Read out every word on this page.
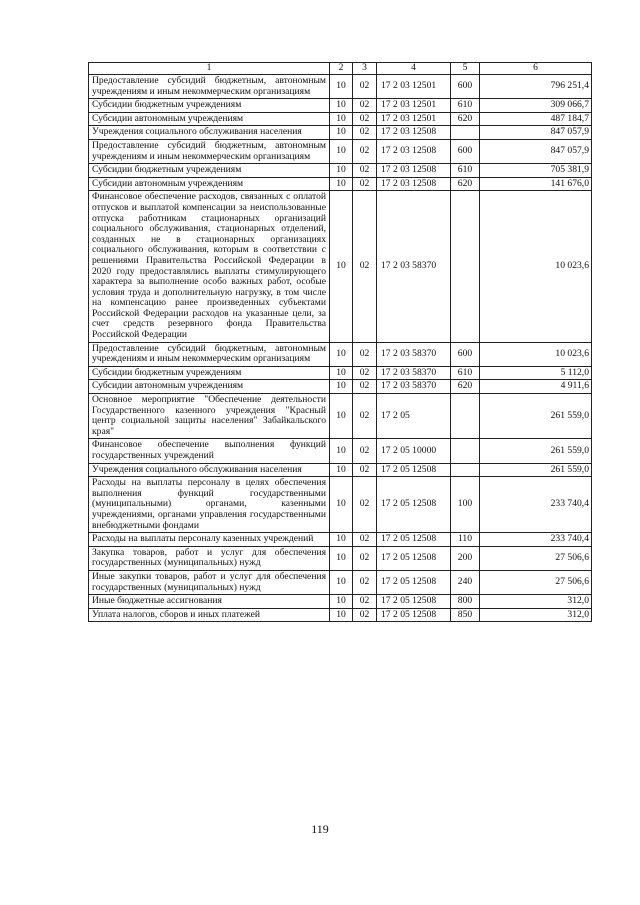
1	2	3	4	5	6
Предоставление субсидий бюджетным, автономным учреждениям и иным некоммерческим организациям	10	02	17 2 03 12501	600	796 251,4
Субсидии бюджетным учреждениям	10	02	17 2 03 12501	610	309 066,7
Субсидии автономным учреждениям	10	02	17 2 03 12501	620	487 184,7
Учреждения социального обслуживания населения	10	02	17 2 03 12508		847 057,9
Предоставление субсидий бюджетным, автономным учреждениям и иным некоммерческим организациям	10	02	17 2 03 12508	600	847 057,9
Субсидии бюджетным учреждениям	10	02	17 2 03 12508	610	705 381,9
Субсидии автономным учреждениям	10	02	17 2 03 12508	620	141 676,0
Финансовое обеспечение расходов, связанных с оплатой отпусков и выплатой компенсации за неиспользованные отпуска работникам стационарных организаций социального обслуживания, стационарных отделений, созданных не в стационарных организациях социального обслуживания, которым в соответствии с решениями Правительства Российской Федерации в 2020 году предоставлялись выплаты стимулирующего характера за выполнение особо важных работ, особые условия труда и дополнительную нагрузку, в том числе на компенсацию ранее произведенных субъектами Российской Федерации расходов на указанные цели, за счет средств резервного фонда Правительства Российской Федерации	10	02	17 2 03 58370		10 023,6
Предоставление субсидий бюджетным, автономным учреждениям и иным некоммерческим организациям	10	02	17 2 03 58370	600	10 023,6
Субсидии бюджетным учреждениям	10	02	17 2 03 58370	610	5 112,0
Субсидии автономным учреждениям	10	02	17 2 03 58370	620	4 911,6
Основное мероприятие "Обеспечение деятельности Государственного казенного учреждения "Красный центр социальной защиты населения" Забайкальского края"	10	02	17 2 05		261 559,0
Финансовое обеспечение выполнения функций государственных учреждений	10	02	17 2 05 10000		261 559,0
Учреждения социального обслуживания населения	10	02	17 2 05 12508		261 559,0
Расходы на выплаты персоналу в целях обеспечения выполнения функций государственными (муниципальными) органами, казенными учреждениями, органами управления государственными внебюджетными фондами	10	02	17 2 05 12508	100	233 740,4
Расходы на выплаты персоналу казенных учреждений	10	02	17 2 05 12508	110	233 740,4
Закупка товаров, работ и услуг для обеспечения государственных (муниципальных) нужд	10	02	17 2 05 12508	200	27 506,6
Иные закупки товаров, работ и услуг для обеспечения государственных (муниципальных) нужд	10	02	17 2 05 12508	240	27 506,6
Иные бюджетные ассигнования	10	02	17 2 05 12508	800	312,0
Уплата налогов, сборов и иных платежей	10	02	17 2 05 12508	850	312,0
119
